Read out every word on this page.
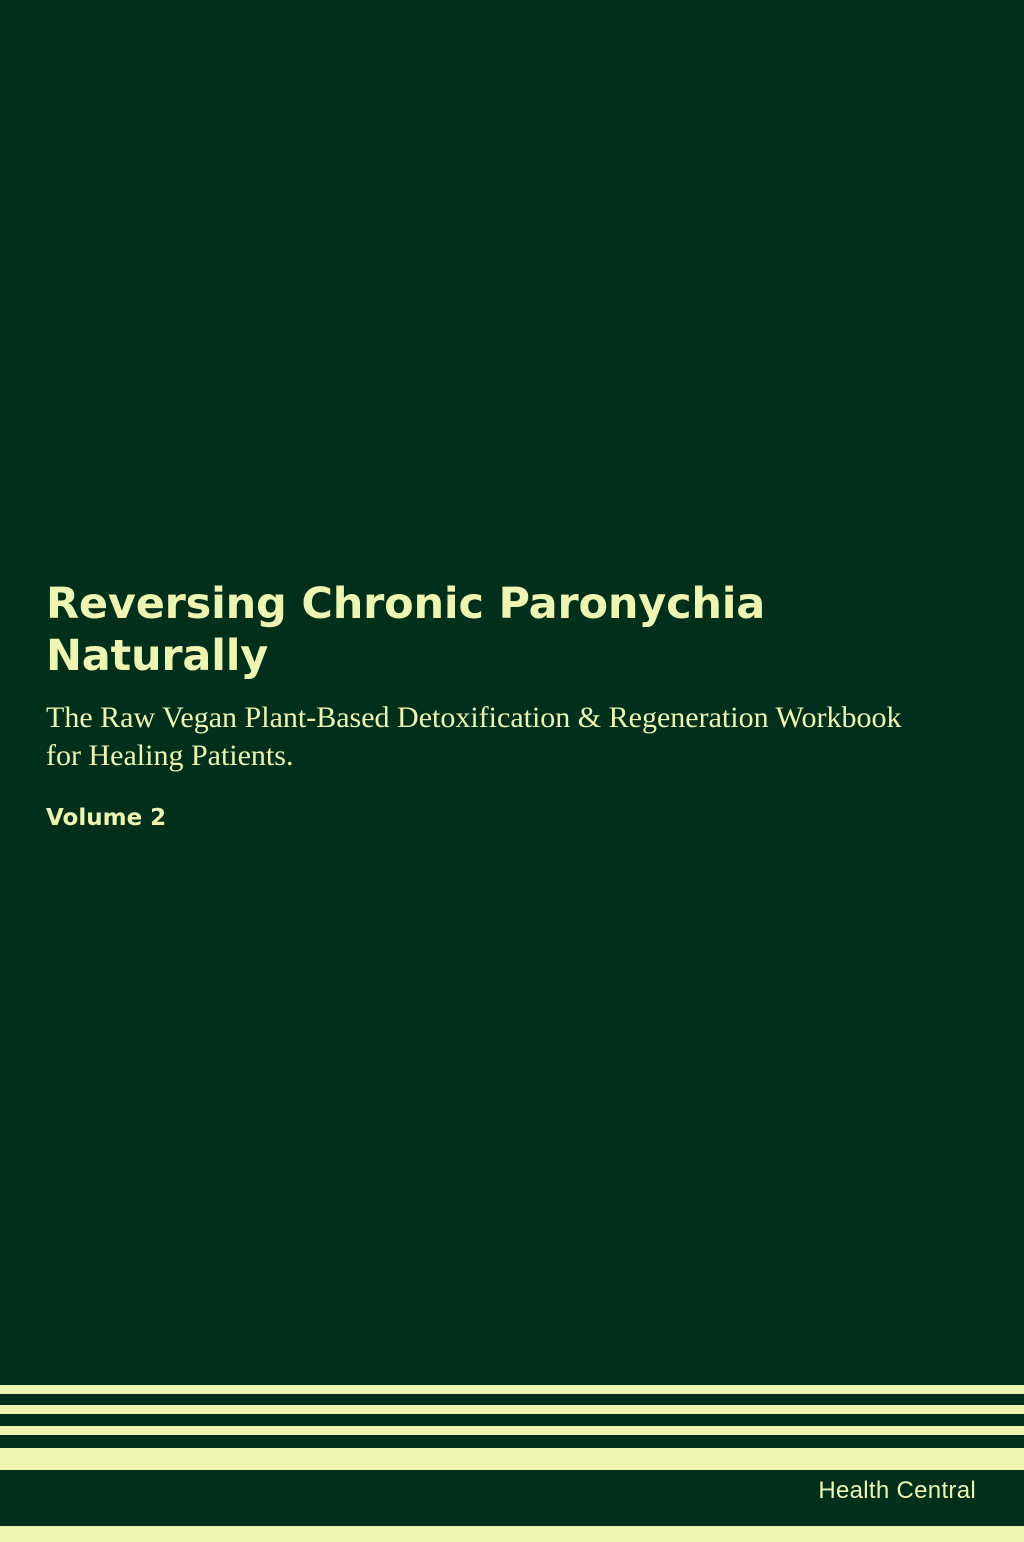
Reversing Chronic Paronychia Naturally

The Raw Vegan Plant-Based Detoxification & Regeneration Workbook for Healing Patients.

Volume 2

Health Central
